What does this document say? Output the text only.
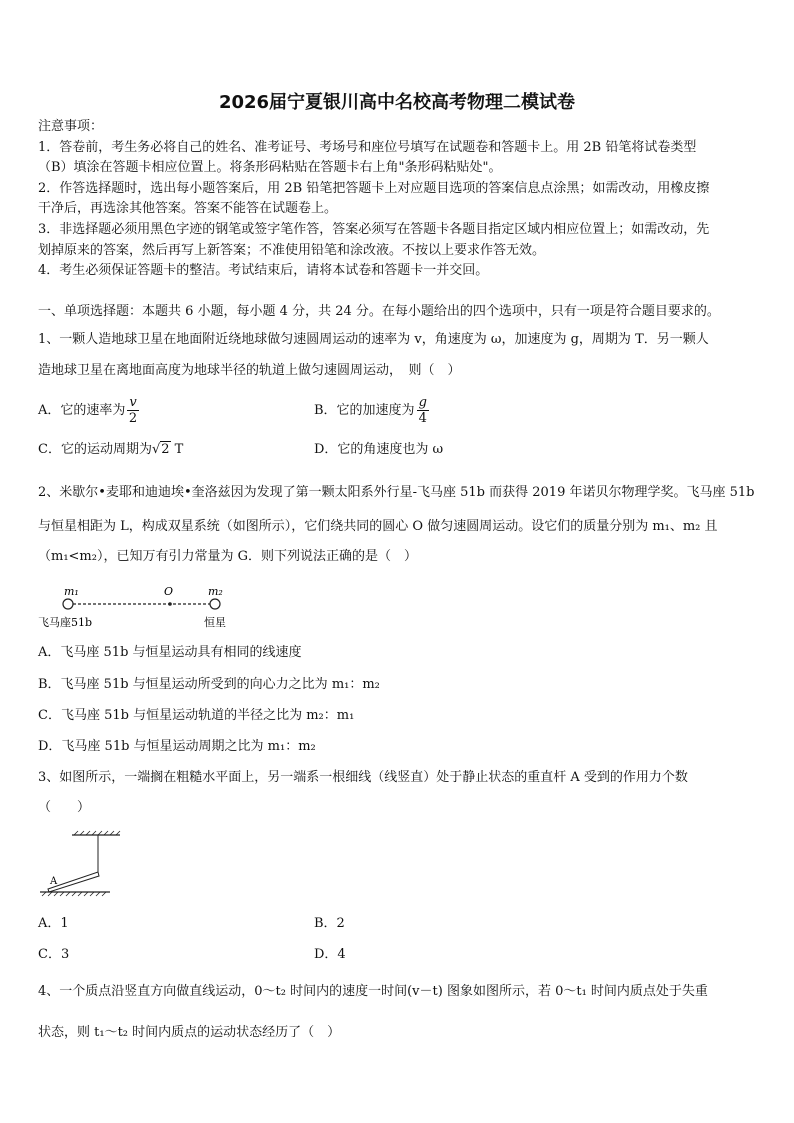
2026届宁夏银川高中名校高考物理二模试卷
注意事项：
1．答卷前，考生务必将自己的姓名、准考证号、考场号和座位号填写在试题卷和答题卡上。用 2B 铅笔将试卷类型
（B）填涂在答题卡相应位置上。将条形码粘贴在答题卡右上角"条形码粘贴处"。
2．作答选择题时，选出每小题答案后，用 2B 铅笔把答题卡上对应题目选项的答案信息点涂黑；如需改动，用橡皮擦
干净后，再选涂其他答案。答案不能答在试题卷上。
3．非选择题必须用黑色字迹的钢笔或签字笔作答，答案必须写在答题卡各题目指定区域内相应位置上；如需改动，先
划掉原来的答案，然后再写上新答案；不准使用铅笔和涂改液。不按以上要求作答无效。
4．考生必须保证答题卡的整洁。考试结束后，请将本试卷和答题卡一并交回。
一、单项选择题：本题共 6 小题，每小题 4 分，共 24 分。在每小题给出的四个选项中，只有一项是符合题目要求的。
1、一颗人造地球卫星在地面附近绕地球做匀速圆周运动的速率为 v，角速度为 ω，加速度为 g，周期为 T．另一颗人
造地球卫星在离地面高度为地球半径的轨道上做匀速圆周运动，　则（　）
A．它的速率为 $\frac{v}{2}$	B．它的加速度为 $\frac{g}{4}$
C．它的运动周期为√2 T	D．它的角速度也为 ω
2、米歇尔•麦耶和迪迪埃•奎洛兹因为发现了第一颗太阳系外行星-飞马座 51b 而获得 2019 年诺贝尔物理学奖。飞马座 51b
与恒星相距为 L，构成双星系统（如图所示），它们绕共同的圆心 O 做匀速圆周运动。设它们的质量分别为 m₁、m₂ 且
（m₁<m₂），已知万有引力常量为 G．则下列说法正确的是（　）
m₁	O	m₂
飞马座51b	恒星
A．飞马座 51b 与恒星运动具有相同的线速度
B．飞马座 51b 与恒星运动所受到的向心力之比为 m₁：m₂
C．飞马座 51b 与恒星运动轨道的半径之比为 m₂：m₁
D．飞马座 51b 与恒星运动周期之比为 m₁：m₂
3、如图所示，一端搁在粗糙水平面上，另一端系一根细线（线竖直）处于静止状态的重直杆 A 受到的作用力个数
（　　）
A
A．1	B．2
C．3	D．4
4、一个质点沿竖直方向做直线运动，0～t₂ 时间内的速度一时间(v－t) 图象如图所示，若 0～t₁ 时间内质点处于失重
状态，则 t₁～t₂ 时间内质点的运动状态经历了（　）
